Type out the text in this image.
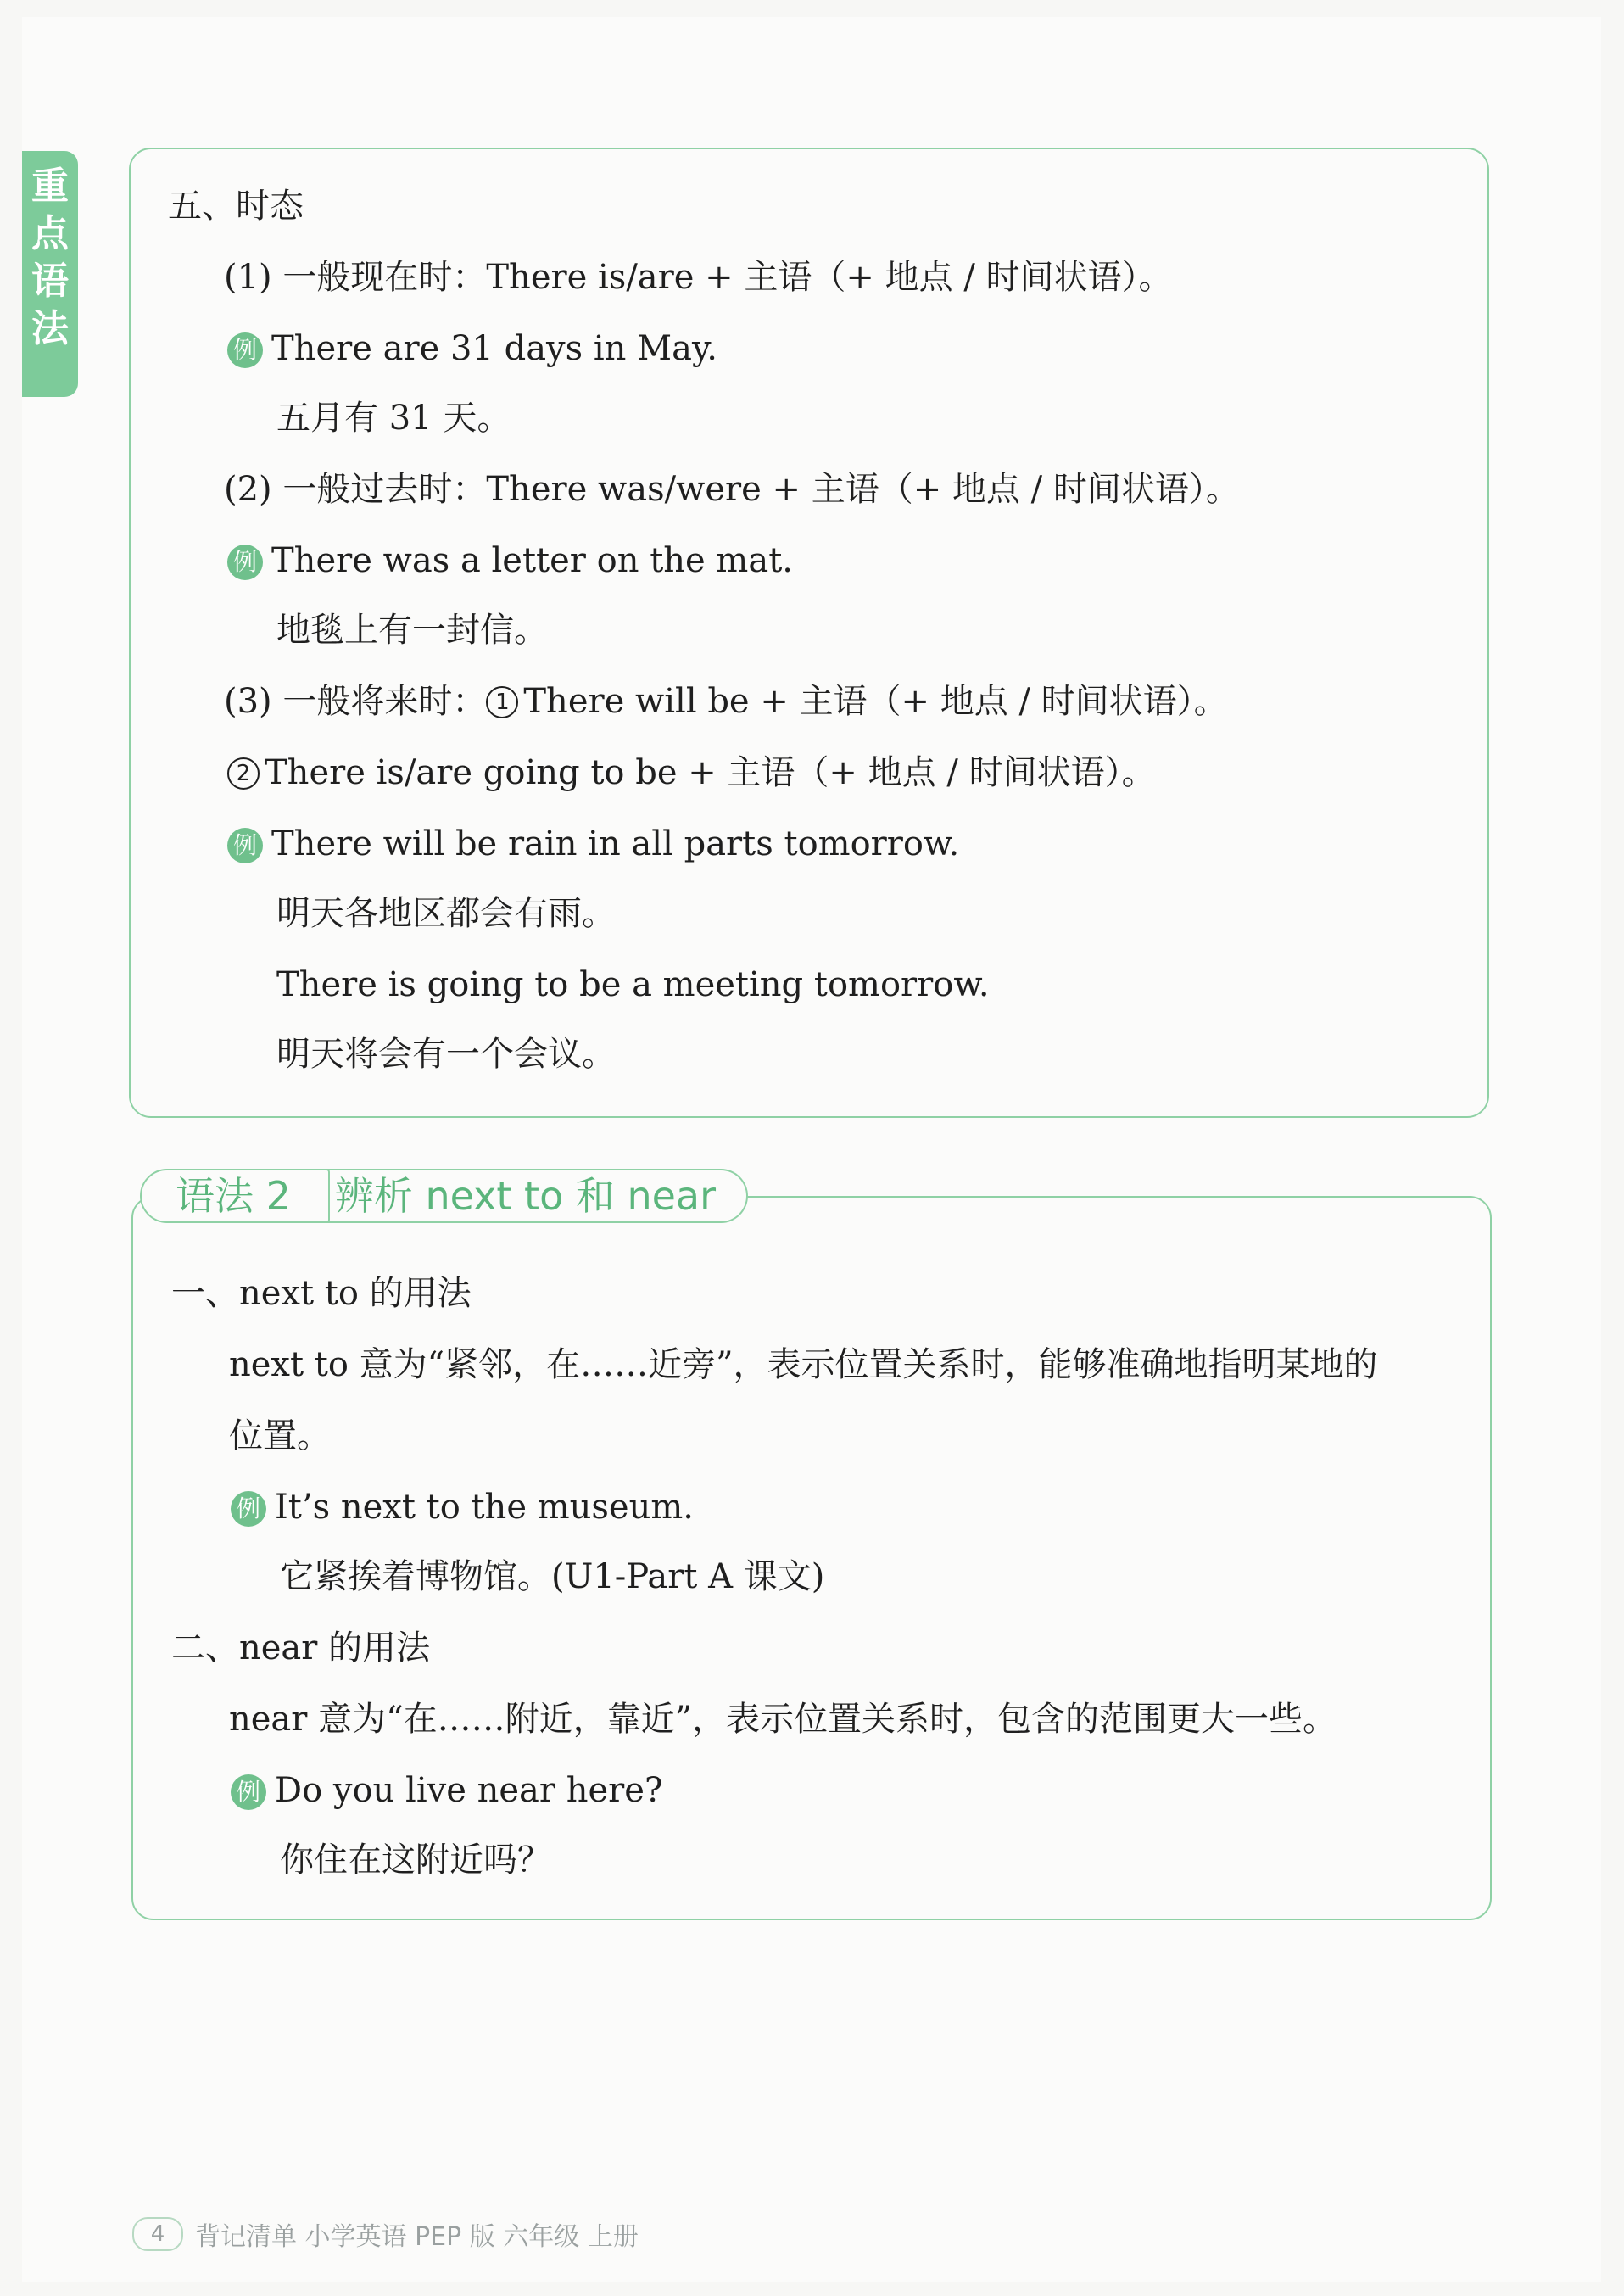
重
点
语
法
五、时态
(1) 一般现在时：There is/are + 主语（+ 地点 / 时间状语）。
例 There are 31 days in May.
五月有 31 天。
(2) 一般过去时：There was/were + 主语（+ 地点 / 时间状语）。
例 There was a letter on the mat.
地毯上有一封信。
(3) 一般将来时： 1 There will be + 主语（+ 地点 / 时间状语）。
2 There is/are going to be + 主语（+ 地点 / 时间状语）。
例 There will be rain in all parts tomorrow.
明天各地区都会有雨。
There is going to be a meeting tomorrow.
明天将会有一个会议。
语法 2	辨析 next to 和 near
一、next to 的用法
next to 意为“紧邻，在……近旁”，表示位置关系时，能够准确地指明某地的
位置。
例 It’s next to the museum.
它紧挨着博物馆。(U1-Part A 课文)
二、near 的用法
near 意为“在……附近，靠近”，表示位置关系时，包含的范围更大一些。
例 Do you live near here?
你住在这附近吗？
4	背记清单 小学英语 PEP 版 六年级 上册
